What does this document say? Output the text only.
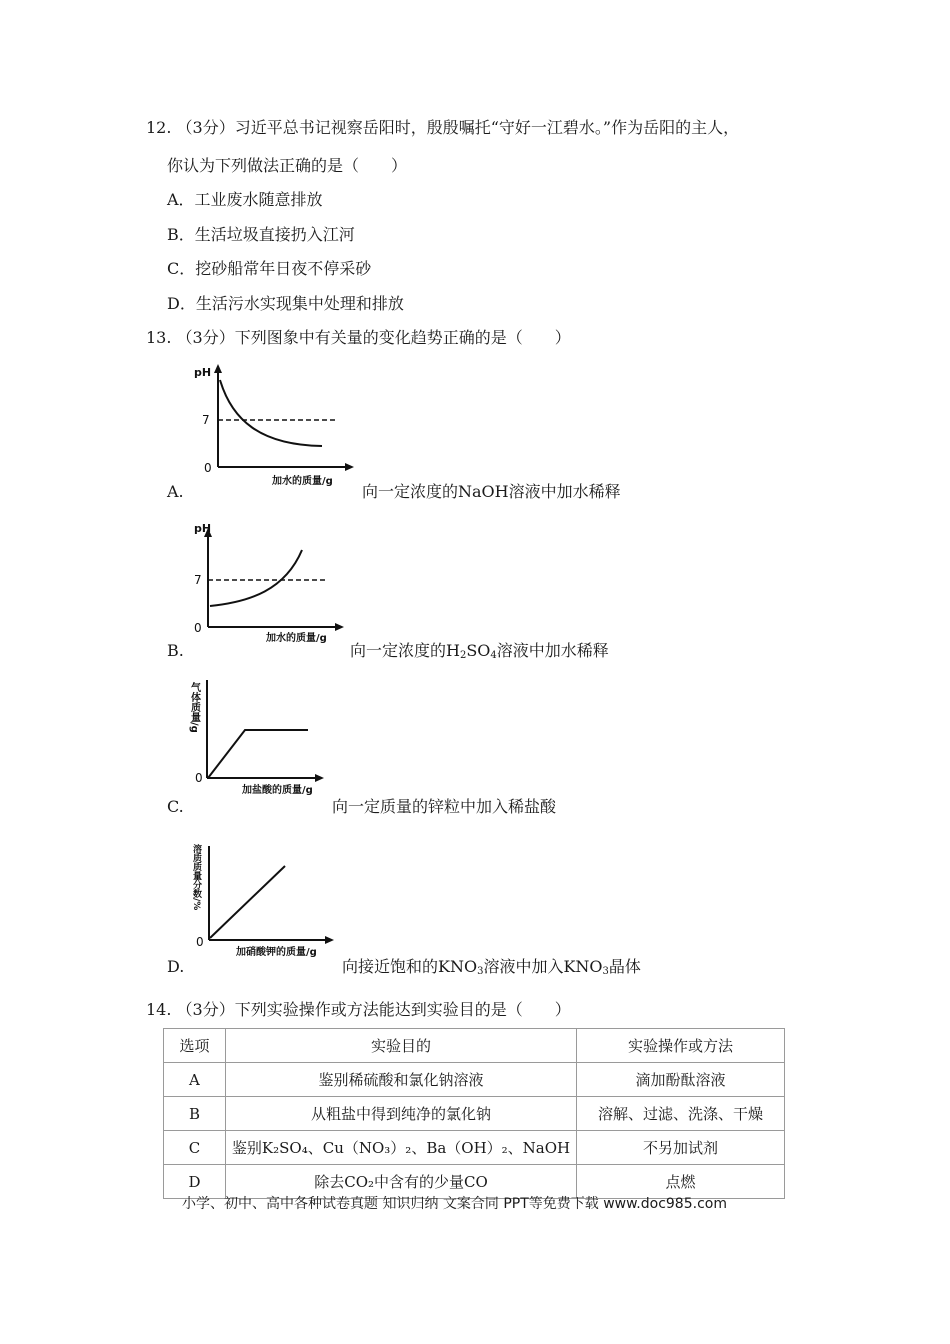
12. （3分）习近平总书记视察岳阳时，殷殷嘱托“守好一江碧水。”作为岳阳的主人，
你认为下列做法正确的是（　　）
A．工业废水随意排放
B．生活垃圾直接扔入江河
C．挖砂船常年日夜不停采砂
D．生活污水实现集中处理和排放
13. （3分）下列图象中有关量的变化趋势正确的是（　　）
pH
7
0
加水的质量/g
A.	向一定浓度的NaOH溶液中加水稀释
pH
7
0
加水的质量/g
B.	向一定浓度的$H_2SO_4$溶液中加水稀释
气体质量/g
0
加盐酸的质量/g
C.	向一定质量的锌粒中加入稀盐酸
溶质质量分数/%
0
加硝酸钾的质量/g
D.	向接近饱和的$KNO_3$溶液中加入$KNO_3$晶体
14. （3分）下列实验操作或方法能达到实验目的是（　　）
选项	实验目的	实验操作或方法
A	鉴别稀硫酸和氯化钠溶液	滴加酚酞溶液
B	从粗盐中得到纯净的氯化钠	溶解、过滤、洗涤、干燥
C	鉴别K₂SO₄、Cu（NO₃）₂、Ba（OH）₂、NaOH	不另加试剂
D	除去CO₂中含有的少量CO	点燃
小学、初中、高中各种试卷真题 知识归纳 文案合同 PPT等免费下载 www.doc985.com
